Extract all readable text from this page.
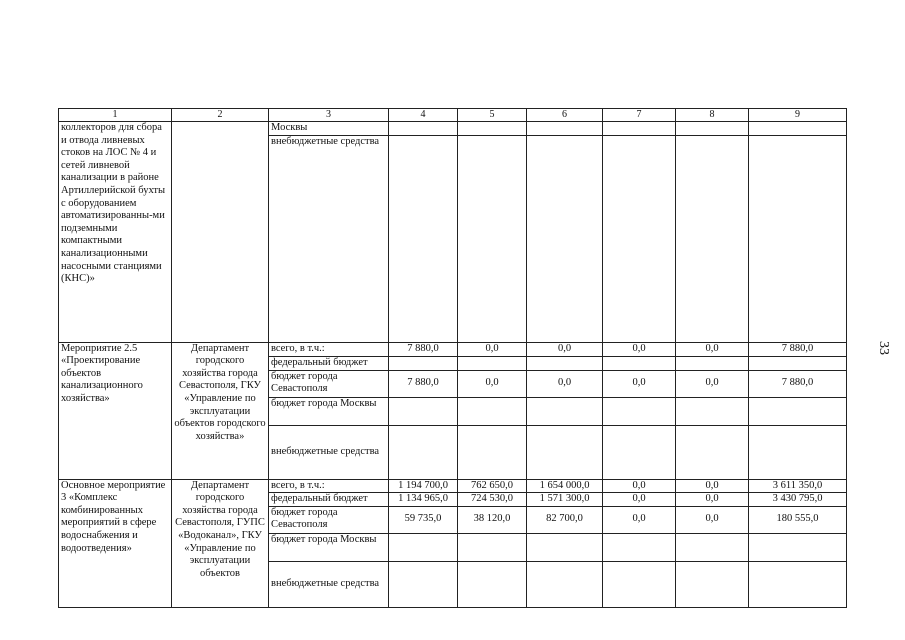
1	2	3	4	5	6	7	8	9
коллекторов для сбора и отвода ливневых стоков на ЛОС № 4 и сетей ливневой канализации в районе Артиллерийской бухты с оборудованием автоматизированны-ми подземными компактными канализационными насосными станциями (КНС)»		Москвы						
		внебюджетные средства						
Мероприятие 2.5 «Проектирование объектов канализационного хозяйства»	Департамент городского хозяйства города Севастополя, ГКУ «Управление по эксплуатации объектов городского хозяйства»	всего, в т.ч.:	7 880,0	0,0	0,0	0,0	0,0	7 880,0
		федеральный бюджет						
		бюджет города Севастополя	7 880,0	0,0	0,0	0,0	0,0	7 880,0
		бюджет города Москвы						
		внебюджетные средства						
Основное мероприятие 3 «Комплекс комбинированных мероприятий в сфере водоснабжения и водоотведения»	Департамент городского хозяйства города Севастополя, ГУПС «Водоканал», ГКУ «Управление по эксплуатации объектов	всего, в т.ч.:	1 194 700,0	762 650,0	1 654 000,0	0,0	0,0	3 611 350,0
		федеральный бюджет	1 134 965,0	724 530,0	1 571 300,0	0,0	0,0	3 430 795,0
		бюджет города Севастополя	59 735,0	38 120,0	82 700,0	0,0	0,0	180 555,0
		бюджет города Москвы						
		внебюджетные средства						
33
